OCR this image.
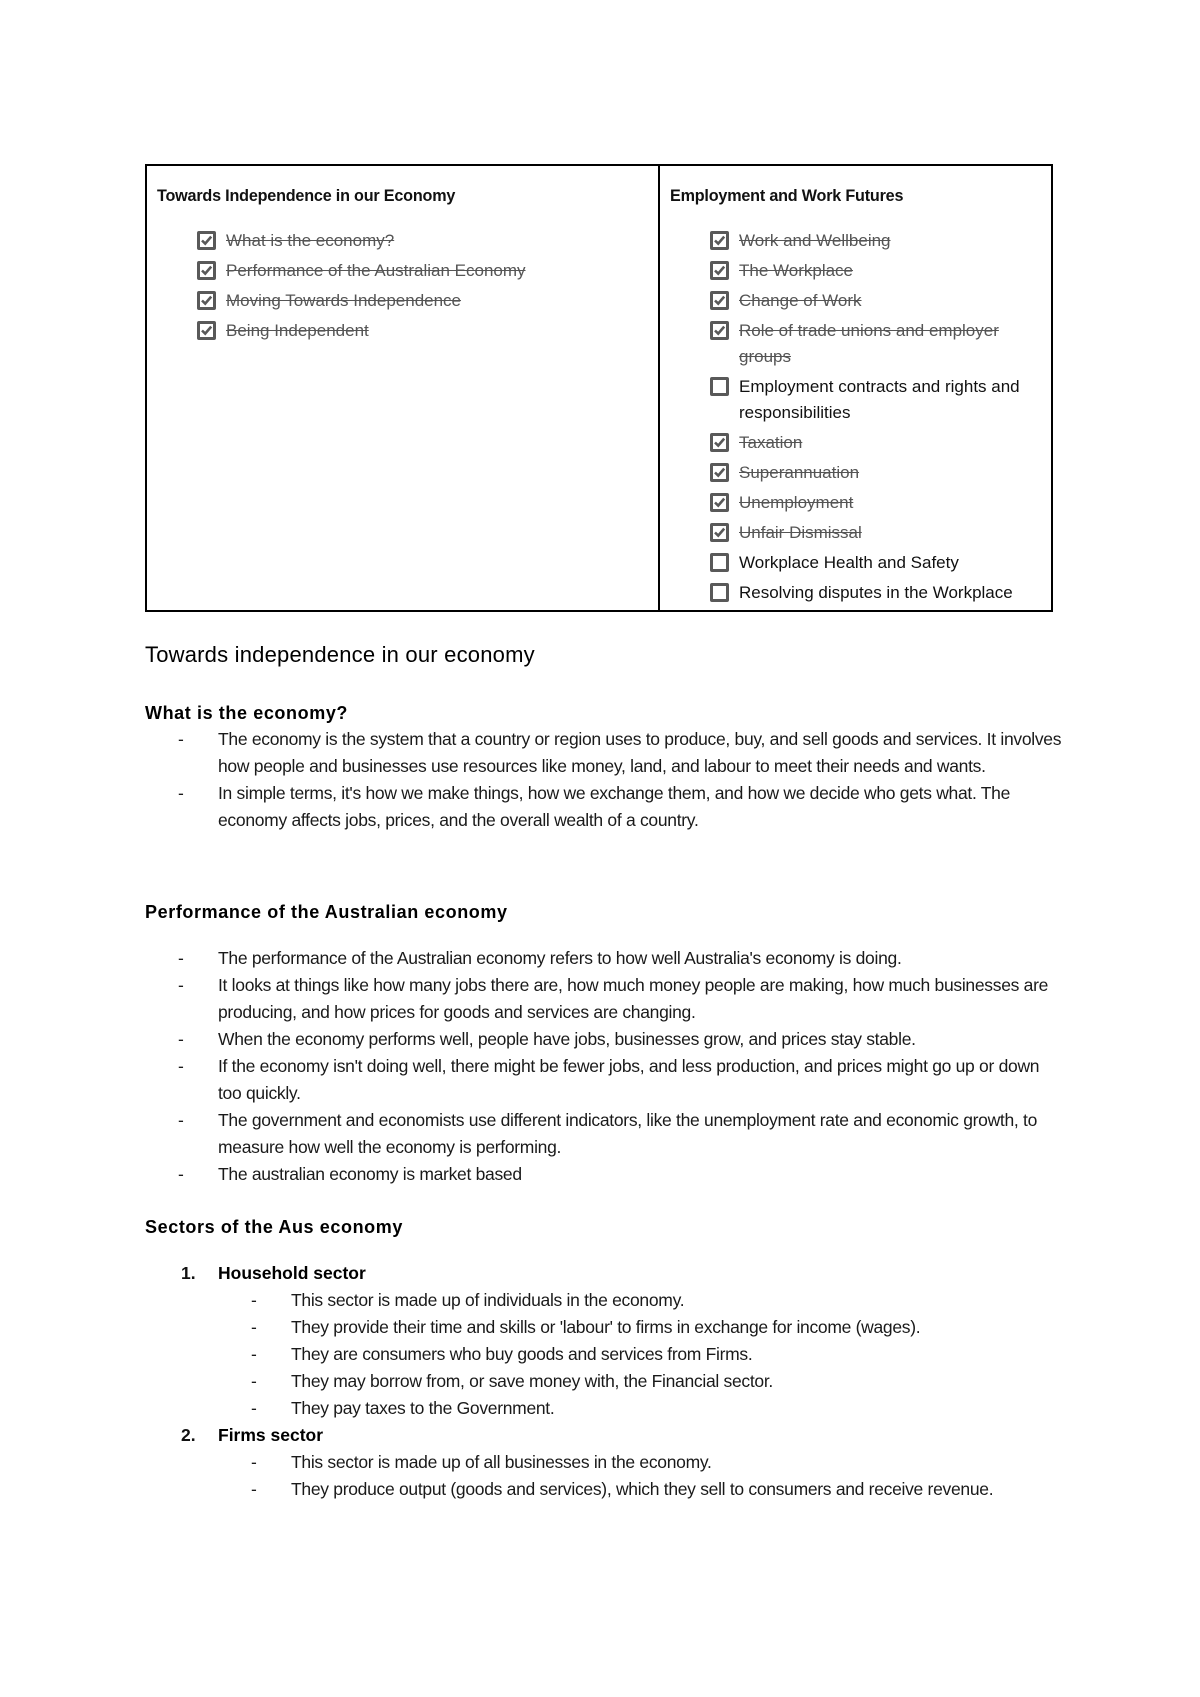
Towards Independence in our Economy
What is the economy?
Performance of the Australian Economy
Moving Towards Independence
Being Independent
Employment and Work Futures
Work and Wellbeing
The Workplace
Change of Work
Role of trade unions and employer groups
Employment contracts and rights and responsibilities
Taxation
Superannuation
Unemployment
Unfair Dismissal
Workplace Health and Safety
Resolving disputes in the Workplace
Towards independence in our economy
What is the economy?
- The economy is the system that a country or region uses to produce, buy, and sell goods and services. It involves how people and businesses use resources like money, land, and labour to meet their needs and wants.
- In simple terms, it's how we make things, how we exchange them, and how we decide who gets what. The economy affects jobs, prices, and the overall wealth of a country.
Performance of the Australian economy
- The performance of the Australian economy refers to how well Australia's economy is doing.
- It looks at things like how many jobs there are, how much money people are making, how much businesses are producing, and how prices for goods and services are changing.
- When the economy performs well, people have jobs, businesses grow, and prices stay stable.
- If the economy isn't doing well, there might be fewer jobs, and less production, and prices might go up or down too quickly.
- The government and economists use different indicators, like the unemployment rate and economic growth, to measure how well the economy is performing.
- The australian economy is market based
Sectors of the Aus economy
1. Household sector
- This sector is made up of individuals in the economy.
- They provide their time and skills or 'labour' to firms in exchange for income (wages).
- They are consumers who buy goods and services from Firms.
- They may borrow from, or save money with, the Financial sector.
- They pay taxes to the Government.
2. Firms sector
- This sector is made up of all businesses in the economy.
- They produce output (goods and services), which they sell to consumers and receive revenue.
